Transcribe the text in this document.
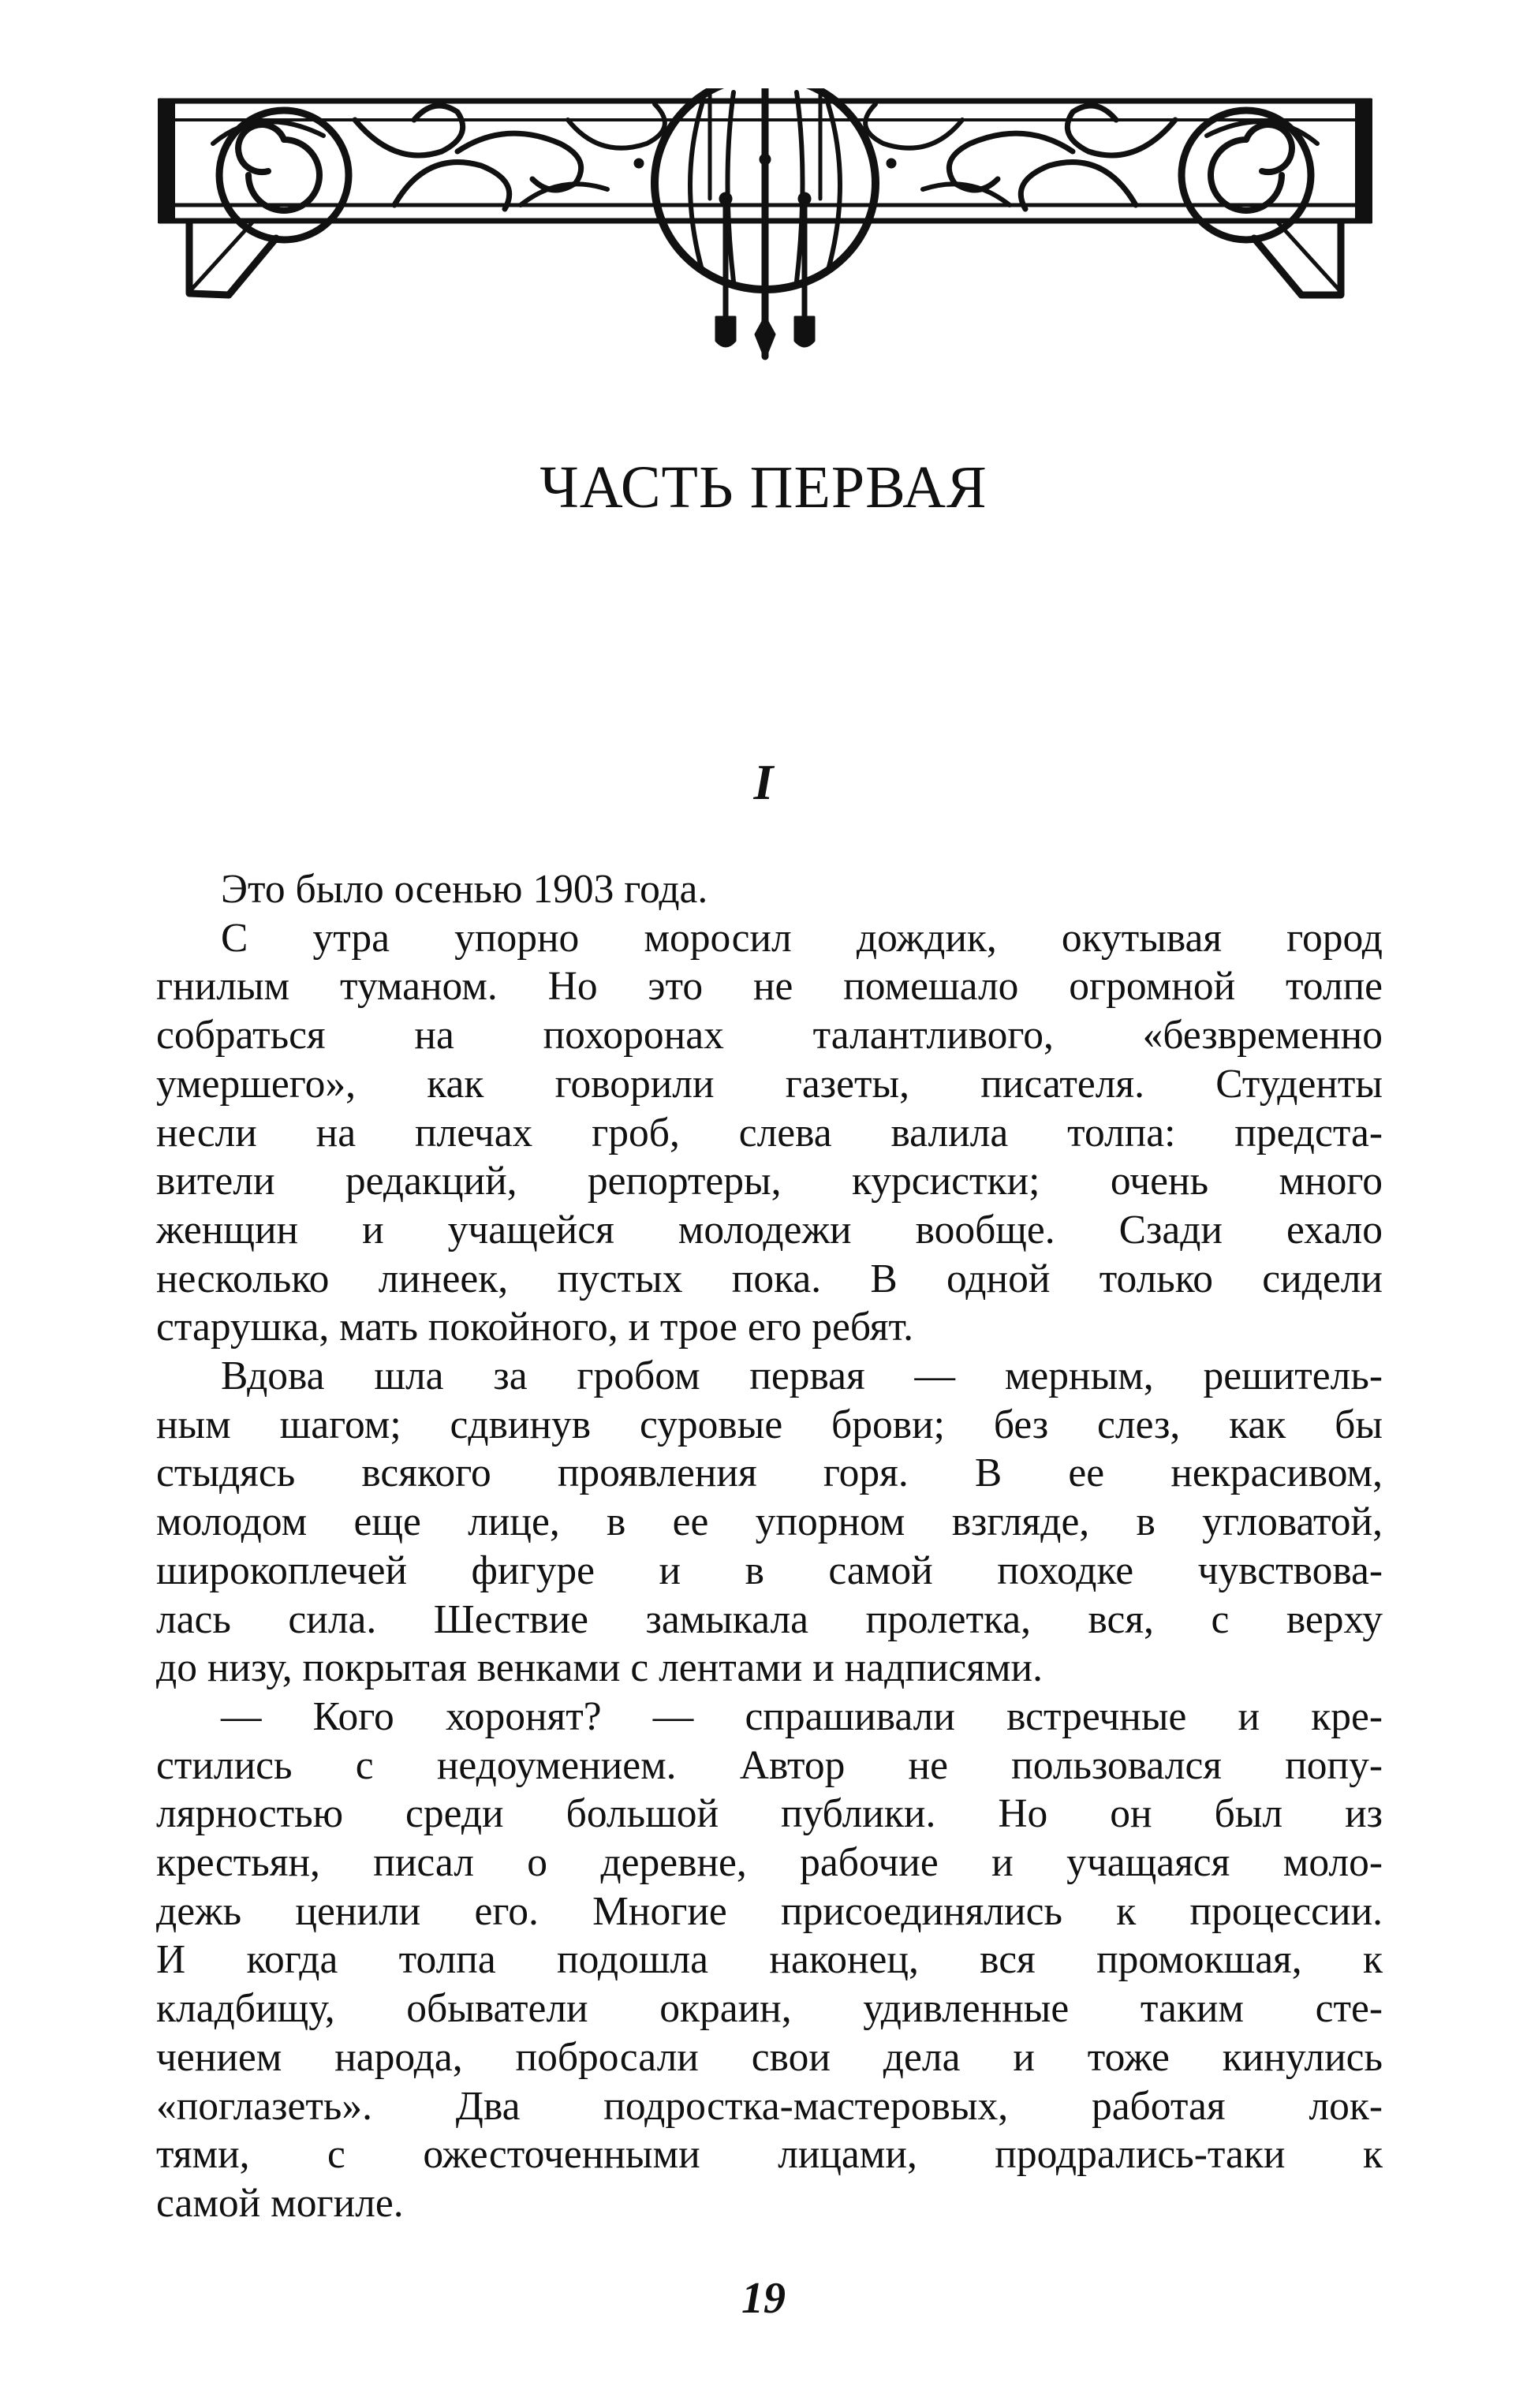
ЧАСТЬ ПЕРВАЯ
I
Это было осенью 1903 года.
С утра упорно моросил дождик, окутывая город
гнилым туманом. Но это не помешало огромной толпе
собраться на похоронах талантливого, «безвременно
умершего», как говорили газеты, писателя. Студенты
несли на плечах гроб, слева валила толпа: предста-
вители редакций, репортеры, курсистки; очень много
женщин и учащейся молодежи вообще. Сзади ехало
несколько линеек, пустых пока. В одной только сидели
старушка, мать покойного, и трое его ребят.
Вдова шла за гробом первая — мерным, решитель-
ным шагом; сдвинув суровые брови; без слез, как бы
стыдясь всякого проявления горя. В ее некрасивом,
молодом еще лице, в ее упорном взгляде, в угловатой,
широкоплечей фигуре и в самой походке чувствова-
лась сила. Шествие замыкала пролетка, вся, с верху
до низу, покрытая венками с лентами и надписями.
— Кого хоронят? — спрашивали встречные и кре-
стились с недоумением. Автор не пользовался попу-
лярностью среди большой публики. Но он был из
крестьян, писал о деревне, рабочие и учащаяся моло-
дежь ценили его. Многие присоединялись к процессии.
И когда толпа подошла наконец, вся промокшая, к
кладбищу, обыватели окраин, удивленные таким сте-
чением народа, побросали свои дела и тоже кинулись
«поглазеть». Два подростка-мастеровых, работая лок-
тями, с ожесточенными лицами, продрались-таки к
самой могиле.
19
